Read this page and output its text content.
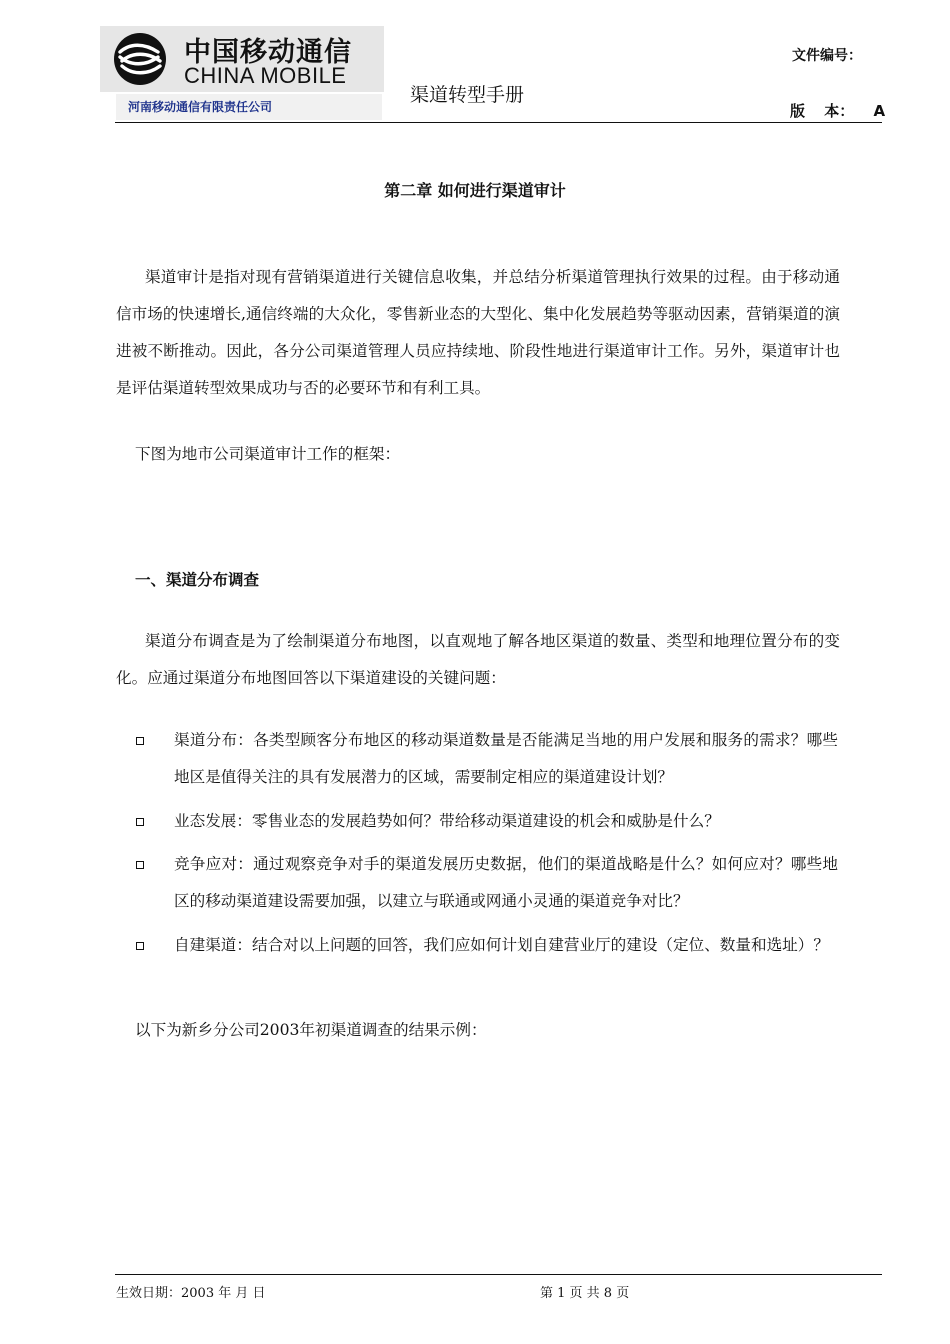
中国移动通信
CHINA MOBILE
河南移动通信有限责任公司
渠道转型手册
文件编号：
版 本： A
第二章 如何进行渠道审计

渠道审计是指对现有营销渠道进行关键信息收集，并总结分析渠道管理执行效果的过程。由于移动通信市场的快速增长,通信终端的大众化，零售新业态的大型化、集中化发展趋势等驱动因素，营销渠道的演进被不断推动。因此，各分公司渠道管理人员应持续地、阶段性地进行渠道审计工作。另外，渠道审计也是评估渠道转型效果成功与否的必要环节和有利工具。

下图为地市公司渠道审计工作的框架：

一、渠道分布调查

渠道分布调查是为了绘制渠道分布地图，以直观地了解各地区渠道的数量、类型和地理位置分布的变化。应通过渠道分布地图回答以下渠道建设的关键问题：

渠道分布：各类型顾客分布地区的移动渠道数量是否能满足当地的用户发展和服务的需求？哪些地区是值得关注的具有发展潜力的区域，需要制定相应的渠道建设计划？
业态发展：零售业态的发展趋势如何？带给移动渠道建设的机会和威胁是什么？
竞争应对：通过观察竞争对手的渠道发展历史数据，他们的渠道战略是什么？如何应对？哪些地区的移动渠道建设需要加强，以建立与联通或网通小灵通的渠道竞争对比？
自建渠道：结合对以上问题的回答，我们应如何计划自建营业厅的建设（定位、数量和选址）？

以下为新乡分公司2003年初渠道调查的结果示例：

生效日期：2003 年 月 日	第 1 页 共 8 页
